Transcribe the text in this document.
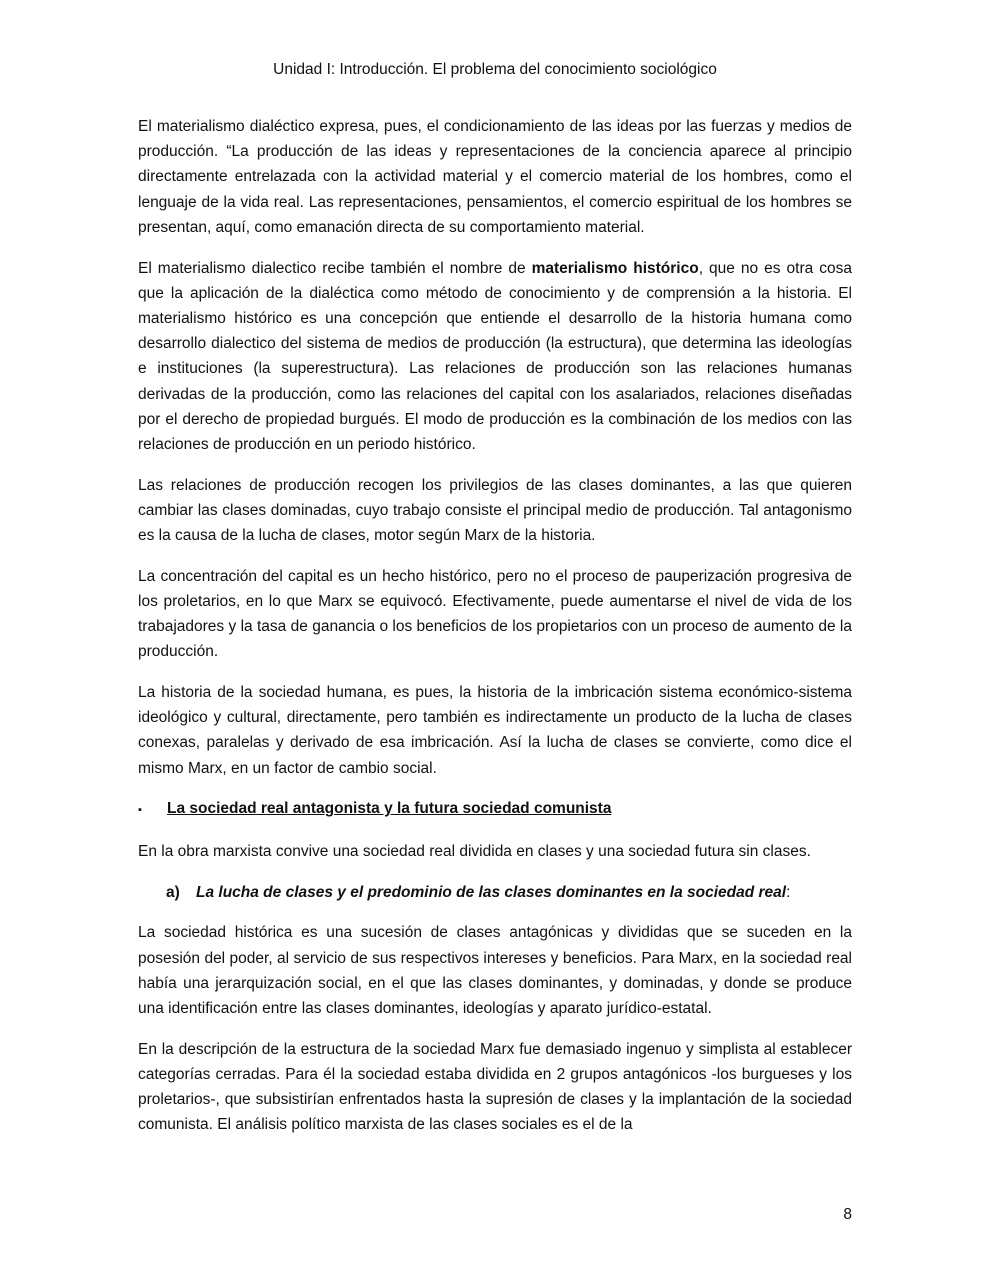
Unidad I: Introducción. El problema del conocimiento sociológico

El materialismo dialéctico expresa, pues, el condicionamiento de las ideas por las fuerzas y medios de producción. “La producción de las ideas y representaciones de la conciencia aparece al principio directamente entrelazada con la actividad material y el comercio material de los hombres, como el lenguaje de la vida real. Las representaciones, pensamientos, el comercio espiritual de los hombres se presentan, aquí, como emanación directa de su comportamiento material.

El materialismo dialectico recibe también el nombre de materialismo histórico, que no es otra cosa que la aplicación de la dialéctica como método de conocimiento y de comprensión a la historia. El materialismo histórico es una concepción que entiende el desarrollo de la historia humana como desarrollo dialectico del sistema de medios de producción (la estructura), que determina las ideologías e instituciones (la superestructura). Las relaciones de producción son las relaciones humanas derivadas de la producción, como las relaciones del capital con los asalariados, relaciones diseñadas por el derecho de propiedad burgués. El modo de producción es la combinación de los medios con las relaciones de producción en un periodo histórico.

Las relaciones de producción recogen los privilegios de las clases dominantes, a las que quieren cambiar las clases dominadas, cuyo trabajo consiste el principal medio de producción. Tal antagonismo es la causa de la lucha de clases, motor según Marx de la historia.

La concentración del capital es un hecho histórico, pero no el proceso de pauperización progresiva de los proletarios, en lo que Marx se equivocó. Efectivamente, puede aumentarse el nivel de vida de los trabajadores y la tasa de ganancia o los beneficios de los propietarios con un proceso de aumento de la producción.

La historia de la sociedad humana, es pues, la historia de la imbricación sistema económico-sistema ideológico y cultural, directamente, pero también es indirectamente un producto de la lucha de clases conexas, paralelas y derivado de esa imbricación. Así la lucha de clases se convierte, como dice el mismo Marx, en un factor de cambio social.

▪	La sociedad real antagonista y la futura sociedad comunista

En la obra marxista convive una sociedad real dividida en clases y una sociedad futura sin clases.

a) La lucha de clases y el predominio de las clases dominantes en la sociedad real:

La sociedad histórica es una sucesión de clases antagónicas y divididas que se suceden en la posesión del poder, al servicio de sus respectivos intereses y beneficios. Para Marx, en la sociedad real había una jerarquización social, en el que las clases dominantes, y dominadas, y donde se produce una identificación entre las clases dominantes, ideologías y aparato jurídico-estatal.

En la descripción de la estructura de la sociedad Marx fue demasiado ingenuo y simplista al establecer categorías cerradas. Para él la sociedad estaba dividida en 2 grupos antagónicos -los burgueses y los proletarios-, que subsistirían enfrentados hasta la supresión de clases y la implantación de la sociedad comunista. El análisis político marxista de las clases sociales es el de la

8
